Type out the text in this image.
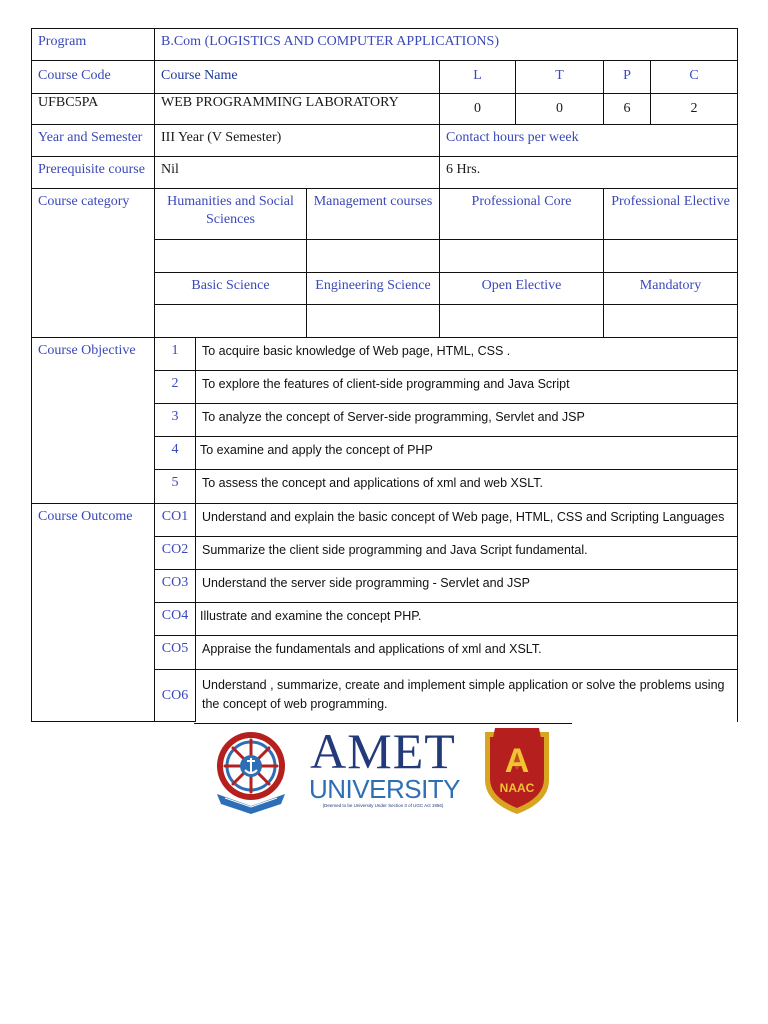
Program	B.Com (LOGISTICS AND COMPUTER APPLICATIONS)						
Course Code	Course Name			L	T	P	C
UFBC5PA	WEB PROGRAMMING LABORATORY			0	0	6	2
Year and Semester	III Year (V Semester)			Contact hours per week			
Prerequisite course	Nil			6 Hrs.			
Course category	Humanities and Social Sciences		Management courses	Professional Core		Professional Elective	

	Basic Science		Engineering Science	Open Elective		Mandatory	

Course Objective	1	To acquire basic knowledge of Web page, HTML, CSS .					
	2	To explore the features of client-side programming and Java Script					
	3	To analyze the concept of Server-side programming, Servlet and JSP					
	4	To examine and apply the concept of PHP					
	5	To assess the concept and applications of xml and web XSLT.					
Course Outcome	CO1	Understand and explain the basic concept of Web page, HTML, CSS and Scripting Languages					
	CO2	Summarize the client side programming and Java Script fundamental.					
	CO3	Understand the server side programming - Servlet and JSP					
	CO4	Illustrate and examine the concept PHP.					
	CO5	Appraise the fundamentals and applications of xml and XSLT.					
	CO6	Understand , summarize, create and implement simple application or solve the problems using the concept of web programming.					
AMET
UNIVERSITY
(Deemed to be University Under Section 3 of UGC Act 1956)
A
NAAC
